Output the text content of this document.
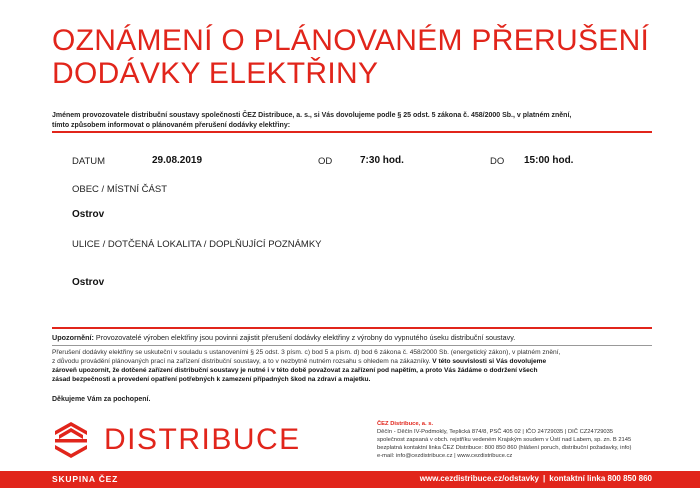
OZNÁMENÍ O PLÁNOVANÉM PŘERUŠENÍ
DODÁVKY ELEKTŘINY
Jménem provozovatele distribuční soustavy společnosti ČEZ Distribuce, a. s., si Vás dovolujeme podle § 25 odst. 5 zákona č. 458/2000 Sb., v platném znění,
tímto způsobem informovat o plánovaném přerušení dodávky elektřiny:
DATUM	29.08.2019	OD	7:30 hod.	DO 15:00 hod.
OBEC / MÍSTNÍ ČÁST
Ostrov
ULICE / DOTČENÁ LOKALITA / DOPLŇUJÍCÍ POZNÁMKY
Ostrov
Upozornění: Provozovatelé výroben elektřiny jsou povinni zajistit přerušení dodávky elektřiny z výrobny do vypnutého úseku distribuční soustavy.
Přerušení dodávky elektřiny se uskuteční v souladu s ustanoveními § 25 odst. 3 písm. c) bod 5 a písm. d) bod 6 zákona č. 458/2000 Sb. (energetický zákon), v platném znění,
z důvodu provádění plánovaných prací na zařízení distribuční soustavy, a to v nezbytně nutném rozsahu s ohledem na zákazníky. V této souvislosti si Vás dovolujeme
zároveň upozornit, že dotčené zařízení distribuční soustavy je nutné i v této době považovat za zařízení pod napětím, a proto Vás žádáme o dodržení všech
zásad bezpečnosti a provedení opatření potřebných k zamezení případných škod na zdraví a majetku.
Děkujeme Vám za pochopení.
DISTRIBUCE	ČEZ Distribuce, a. s.
Děčín - Děčín IV-Podmokly, Teplická 874/8, PSČ 405 02 | IČO 24729035 | DIČ CZ24729035
společnost zapsaná v obch. rejstříku vedeném Krajským soudem v Ústí nad Labem, sp. zn. B 2145
bezplatná kontaktní linka ČEZ Distribuce: 800 850 860 (hlášení poruch, distribuční požadavky, info)
e-mail: info@cezdistribuce.cz | www.cezdistribuce.cz
SKUPINA ČEZ	www.cezdistribuce.cz/odstavky | kontaktní linka 800 850 860
